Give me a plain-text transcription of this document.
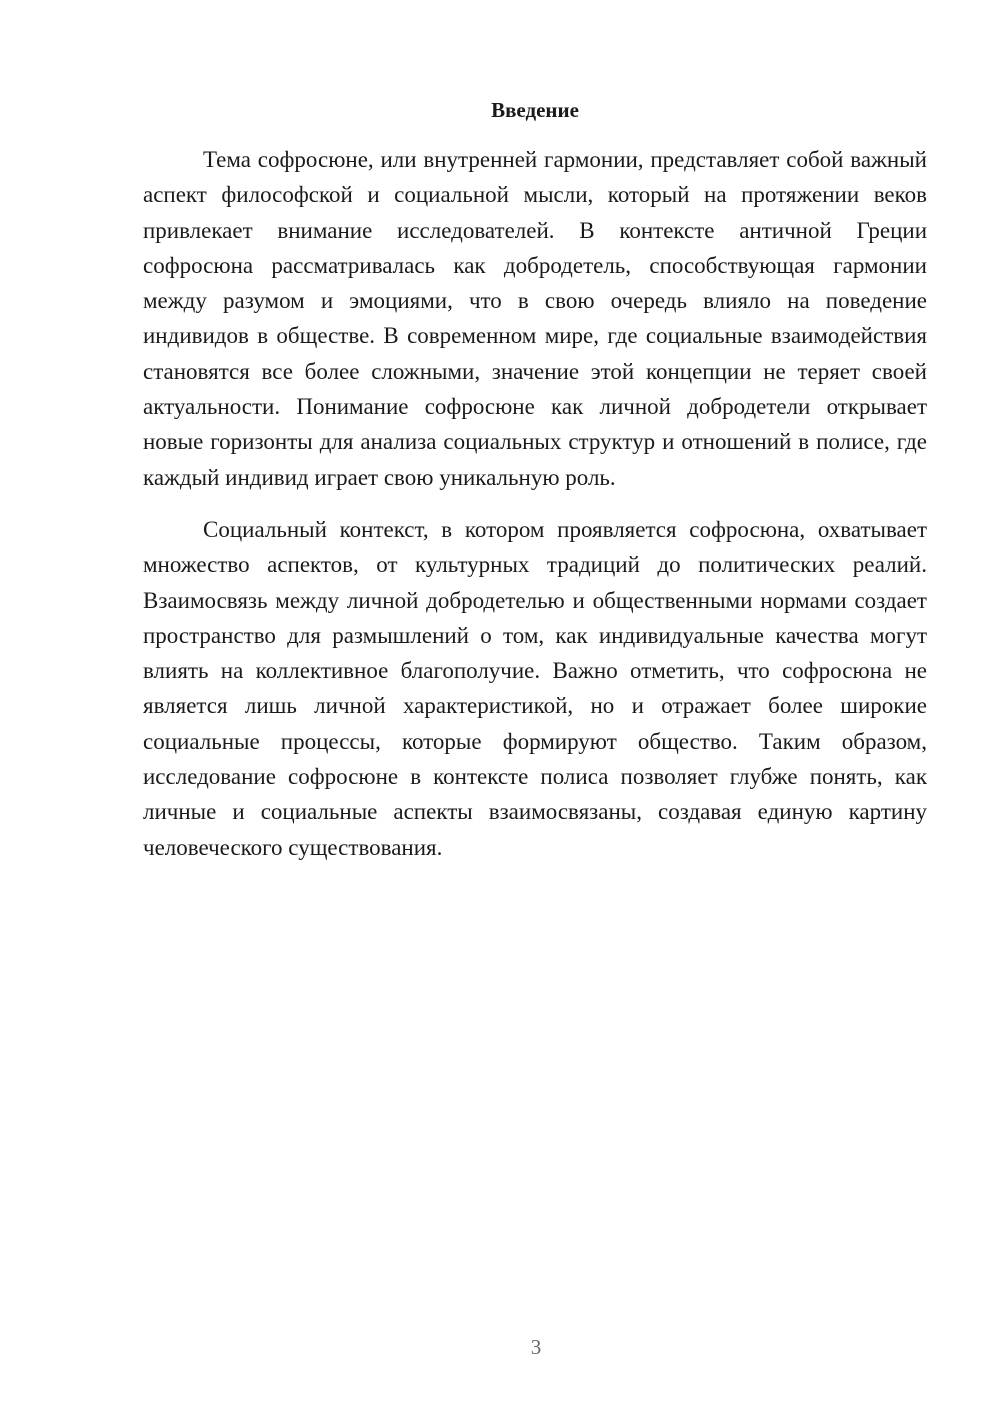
Введение

Тема софросюне, или внутренней гармонии, представляет собой важный аспект философской и социальной мысли, который на протяжении веков привлекает внимание исследователей. В контексте античной Греции софросюна рассматривалась как добродетель, способствующая гармонии между разумом и эмоциями, что в свою очередь влияло на поведение индивидов в обществе. В современном мире, где социальные взаимодействия становятся все более сложными, значение этой концепции не теряет своей актуальности. Понимание софросюне как личной добродетели открывает новые горизонты для анализа социальных структур и отношений в полисе, где каждый индивид играет свою уникальную роль.

Социальный контекст, в котором проявляется софросюна, охватывает множество аспектов, от культурных традиций до политических реалий. Взаимосвязь между личной добродетелью и общественными нормами создает пространство для размышлений о том, как индивидуальные качества могут влиять на коллективное благополучие. Важно отметить, что софросюна не является лишь личной характеристикой, но и отражает более широкие социальные процессы, которые формируют общество. Таким образом, исследование софросюне в контексте полиса позволяет глубже понять, как личные и социальные аспекты взаимосвязаны, создавая единую картину человеческого существования.

3
